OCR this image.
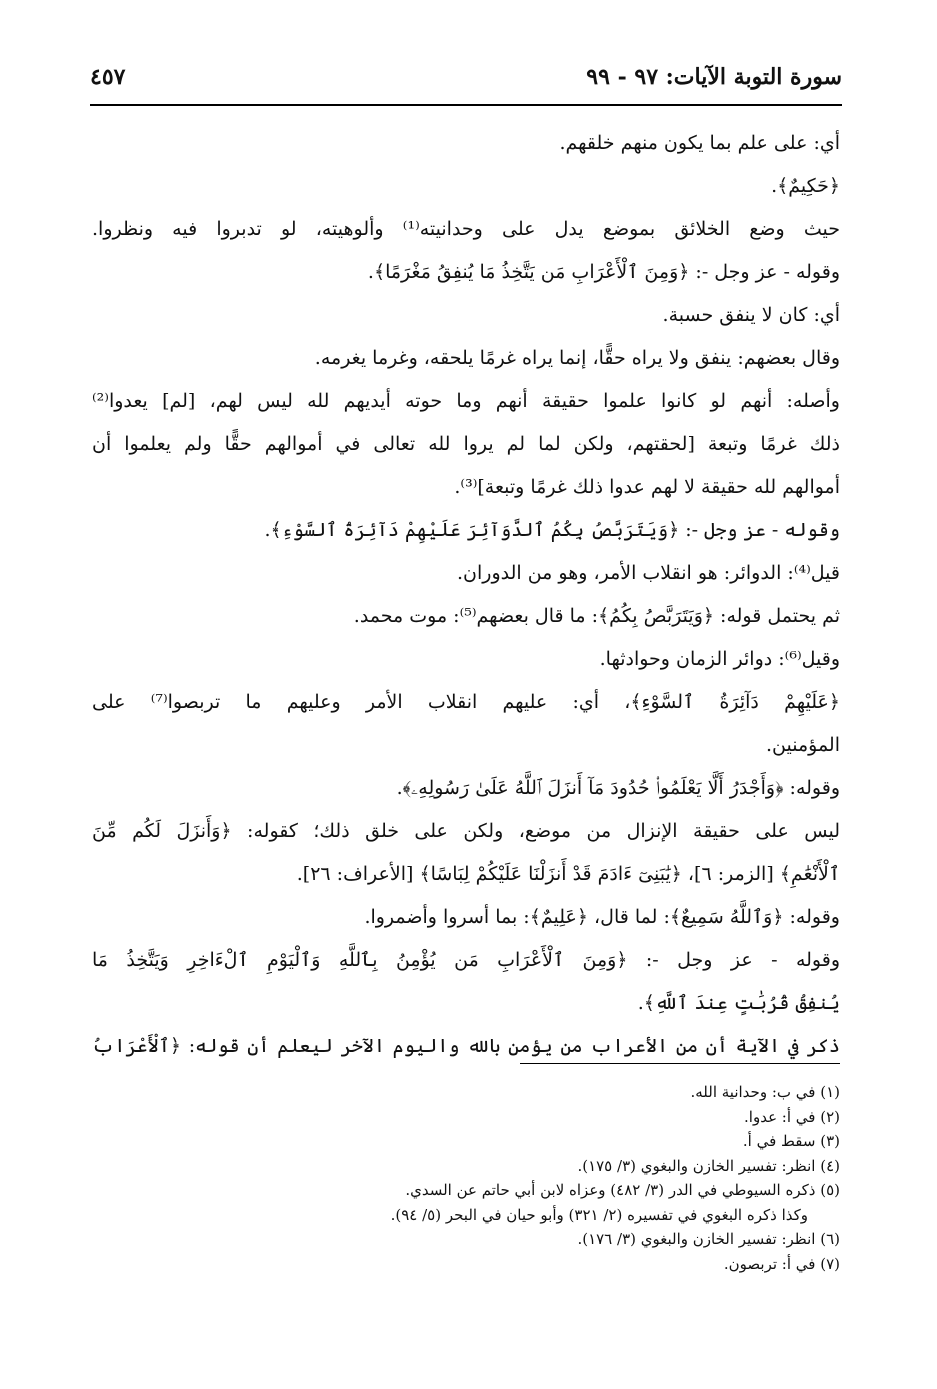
سورة التوبة الآيات: ٩٧ - ٩٩
٤٥٧
أي: على علم بما يكون منهم خلقهم.
﴿حَكِيمٌ﴾.
حيث وضع الخلائق بموضع يدل على وحدانيته⁽¹⁾ وألوهيته، لو تدبروا فيه ونظروا.
وقوله - عز وجل -: ﴿وَمِنَ ٱلْأَعْرَابِ مَن يَتَّخِذُ مَا يُنفِقُ مَغْرَمًا﴾.
أي: كان لا ينفق حسبة.
وقال بعضهم: ينفق ولا يراه حقًّا، إنما يراه غرمًا يلحقه، وغرما يغرمه.
وأصله: أنهم لو كانوا علموا حقيقة أنهم وما حوته أيديهم لله ليس لهم، [لم] يعدوا⁽²⁾
ذلك غرمًا وتبعة [لحقتهم، ولكن لما لم يروا لله تعالى في أموالهم حقًّا ولم يعلموا أن
أموالهم لله حقيقة لا لهم عدوا ذلك غرمًا وتبعة]⁽³⁾.
وقوله - عز وجل -: ﴿وَيَتَرَبَّصُ بِكُمُ ٱلدَّوَآئِرَ عَلَيْهِمْ دَآئِرَةُ ٱلسَّوْءِ﴾.
قيل⁽⁴⁾: الدوائر: هو انقلاب الأمر، وهو من الدوران.
ثم يحتمل قوله: ﴿وَيَتَرَبَّصُ بِكُمُ﴾: ما قال بعضهم⁽⁵⁾: موت محمد.
وقيل⁽⁶⁾: دوائر الزمان وحوادثها.
﴿عَلَيْهِمْ دَآئِرَةُ ٱلسَّوْءِ﴾، أي: عليهم انقلاب الأمر وعليهم ما تربصوا⁽⁷⁾ على
المؤمنين.
وقوله: ﴿وَأَجْدَرُ أَلَّا يَعْلَمُوا۟ حُدُودَ مَآ أَنزَلَ ٱللَّهُ عَلَىٰ رَسُولِهِۦ﴾.
ليس على حقيقة الإنزال من موضع، ولكن على خلق ذلك؛ كقوله: ﴿وَأَنزَلَ لَكُم مِّنَ
ٱلْأَنْعَٰمِ﴾ [الزمر: ٦]، ﴿يَٰبَنِىٓ ءَادَمَ قَدْ أَنزَلْنَا عَلَيْكُمْ لِبَاسًا﴾ [الأعراف: ٢٦].
وقوله: ﴿وَٱللَّهُ سَمِيعٌ﴾: لما قال، ﴿عَلِيمٌ﴾: بما أسروا وأضمروا.
وقوله - عز وجل -: ﴿وَمِنَ ٱلْأَعْرَابِ مَن يُؤْمِنُ بِٱللَّهِ وَٱلْيَوْمِ ٱلْءَاخِرِ وَيَتَّخِذُ مَا
يُنفِقُ قُرُبَٰتٍ عِندَ ٱللَّهِ﴾.
ذكر في الآية أن من الأعراب من يؤمن بالله واليوم الآخر ليعلم أن قوله: ﴿ٱلْأَعْرَابُ
(١) في ب: وحدانية الله.
(٢) في أ: عدوا.
(٣) سقط في أ.
(٤) انظر: تفسير الخازن والبغوي (٣/ ١٧٥).
(٥) ذكره السيوطي في الدر (٣/ ٤٨٢) وعزاه لابن أبي حاتم عن السدي.
وكذا ذكره البغوي في تفسيره (٢/ ٣٢١) وأبو حيان في البحر (٥/ ٩٤).
(٦) انظر: تفسير الخازن والبغوي (٣/ ١٧٦).
(٧) في أ: تربصون.
